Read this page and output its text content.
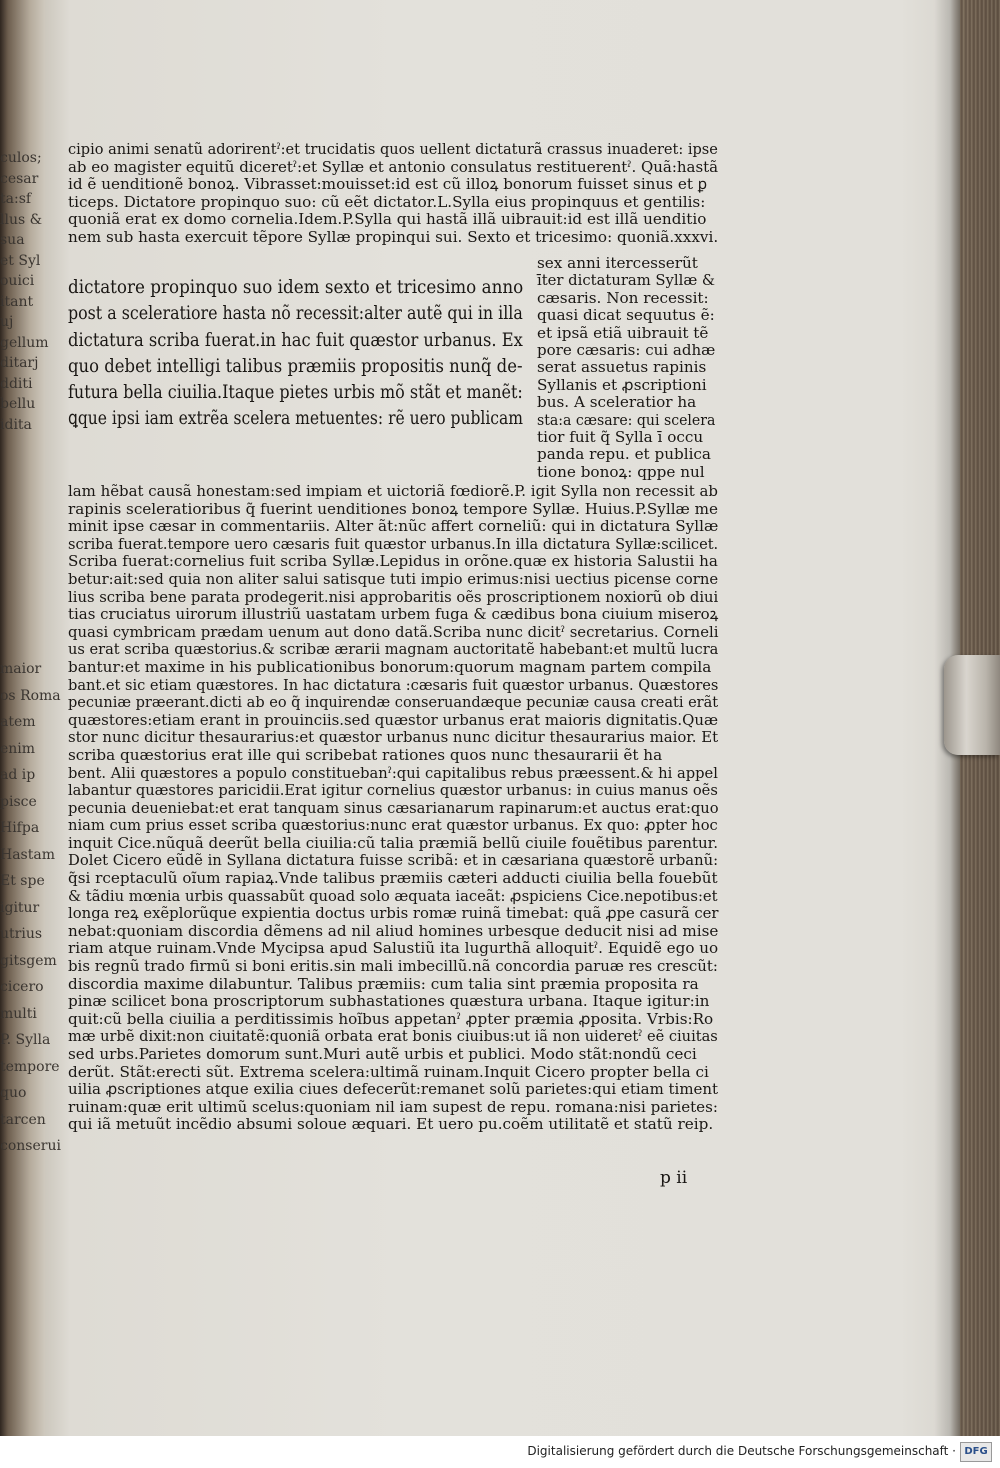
culos;
cesar
ta:sf
llus &
sua
et Syl
ouici
itant
uj
gellum
ditarj
dditi
bellu
idita
maior
os Roma
atem
enim
ad ip
pisce
Hifpa
Hastam
Et spe
igitur
utrius
gitsgem
cicero
multi
P. Sylla
tempore
quo
tarcen
conserui
cipio animi senatũ adorirentˀ:et trucidatis quos uellent dictaturã crassus inuaderet: ipse
ab eo magister equitũ diceretˀ:et Syllæ et antonio consulatus restituerentˀ. Quã:hastã
id ẽ uenditionẽ bonoꝝ. Vibrasset:mouisset:id est cũ illoꝝ bonorum fuisset sinus et ꝑ
ticeps. Dictatore propinquo suo: cũ eẽt dictator.L.Sylla eius propinquus et gentilis:
quoniã erat ex domo cornelia.Idem.P.Sylla qui hastã illã uibrauit:id est illã uenditio
nem sub hasta exercuit tẽpore Syllæ propinqui sui. Sexto et tricesimo: quoniã.xxxvi.
dictatore propinquo suo idem sexto et tricesimo anno
post a sceleratiore hasta nõ recessit:alter autẽ qui in illa
dictatura scriba fuerat.in hac fuit quæstor urbanus. Ex
quo debet intelligi talibus præmiis propositis nunq̃ de-
futura bella ciuilia.Itaque pietes urbis mõ stãt et manẽt:
ꝗque ipsi iam extrẽa scelera metuentes: rẽ uero publicam
sex anni itercesserũt
īter dictaturam Syllæ &
cæsaris. Non recessit:
quasi dicat sequutus ẽ:
et ipsã etiã uibrauit tẽ
pore cæsaris: cui adhæ
serat assuetus rapinis
Syllanis et ꝓscriptioni
bus. A sceleratior ha
sta:a cæsare: qui scelera
tior fuit q̃ Sylla ī occu
panda repu. et publica
tione bonoꝝ: qppe nul
lam hẽbat causã honestam:sed impiam et uictoriã fœdiorẽ.P. igit Sylla non recessit ab
rapinis sceleratioribus q̃ fuerint uenditiones bonoꝝ tempore Syllæ. Huius.P.Syllæ me
minit ipse cæsar in commentariis. Alter ãt:nũc affert corneliũ: qui in dictatura Syllæ
scriba fuerat.tempore uero cæsaris fuit quæstor urbanus.In illa dictatura Syllæ:scilicet.
Scriba fuerat:cornelius fuit scriba Syllæ.Lepidus in orõne.quæ ex historia Salustii ha
betur:ait:sed quia non aliter salui satisque tuti impio erimus:nisi uectius picense corne
lius scriba bene parata prodegerit.nisi approbaritis oẽs proscriptionem noxiorũ ob diui
tias cruciatus uirorum illustriũ uastatam urbem fuga & cædibus bona ciuium miseroꝝ
quasi cymbricam prædam uenum aut dono datã.Scriba nunc dicitˀ secretarius. Corneli
us erat scriba quæstorius.& scribæ ærarii magnam auctoritatẽ habebant:et multũ lucra
bantur:et maxime in his publicationibus bonorum:quorum magnam partem compila
bant.et sic etiam quæstores. In hac dictatura :cæsaris fuit quæstor urbanus. Quæstores
pecuniæ præerant.dicti ab eo q̃ inquirendæ conseruandæque pecuniæ causa creati erãt
quæstores:etiam erant in prouinciis.sed quæstor urbanus erat maioris dignitatis.Quæ
stor nunc dicitur thesaurarius:et quæstor urbanus nunc dicitur thesaurarius maior. Et
scriba quæstorius erat ille qui scribebat rationes quos nunc thesaurarii ẽt ha
bent. Alii quæstores a populo constituebanˀ:qui capitalibus rebus præessent.& hi appel
labantur quæstores paricidii.Erat igitur cornelius quæstor urbanus: in cuius manus oẽs
pecunia deueniebat:et erat tanquam sinus cæsarianarum rapinarum:et auctus erat:quo
niam cum prius esset scriba quæstorius:nunc erat quæstor urbanus. Ex quo: ꝓpter hoc
inquit Cice.nũquã deerũt bella ciuilia:cũ talia præmiã bellũ ciuile fouẽtibus parentur.
Dolet Cicero eũdẽ in Syllana dictatura fuisse scribã: et in cæsariana quæstorẽ urbanũ:
q̃si rceptaculũ oĩum rapiaꝝ.Vnde talibus præmiis cæteri adducti ciuilia bella fouebũt
& tãdiu mœnia urbis quassabũt quoad solo æquata iaceãt: ꝓspiciens Cice.nepotibus:et
longa reꝝ exẽplorũque expientia doctus urbis romæ ruinã timebat: quã ꝓpe casurã cer
nebat:quoniam discordia dẽmens ad nil aliud homines urbesque deducit nisi ad mise
riam atque ruinam.Vnde Mycipsa apud Salustiũ ita lugurthã alloquitˀ. Equidẽ ego uo
bis regnũ trado firmũ si boni eritis.sin mali imbecillũ.nã concordia paruæ res crescũt:
discordia maxime dilabuntur. Talibus præmiis: cum talia sint præmia proposita ra
pinæ scilicet bona proscriptorum subhastationes quæstura urbana. Itaque igitur:in
quit:cũ bella ciuilia a perditissimis hoĩbus appetanˀ ꝓpter præmia ꝓposita. Vrbis:Ro
mæ urbẽ dixit:non ciuitatẽ:quoniã orbata erat bonis ciuibus:ut iã non uideretˀ eẽ ciuitas
sed urbs.Parietes domorum sunt.Muri autẽ urbis et publici. Modo stãt:nondũ ceci
derũt. Stãt:erecti sũt. Extrema scelera:ultimã ruinam.Inquit Cicero propter bella ci
uilia ꝓscriptiones atque exilia ciues defecerũt:remanet solũ parietes:qui etiam timent
ruinam:quæ erit ultimũ scelus:quoniam nil iam supest de repu. romana:nisi parietes:
qui iã metuũt incẽdio absumi soloue æquari. Et uero pu.coẽm utilitatẽ et statũ reip.
p ii
Digitalisierung gefördert durch die Deutsche Forschungsgemeinschaft · DFG
